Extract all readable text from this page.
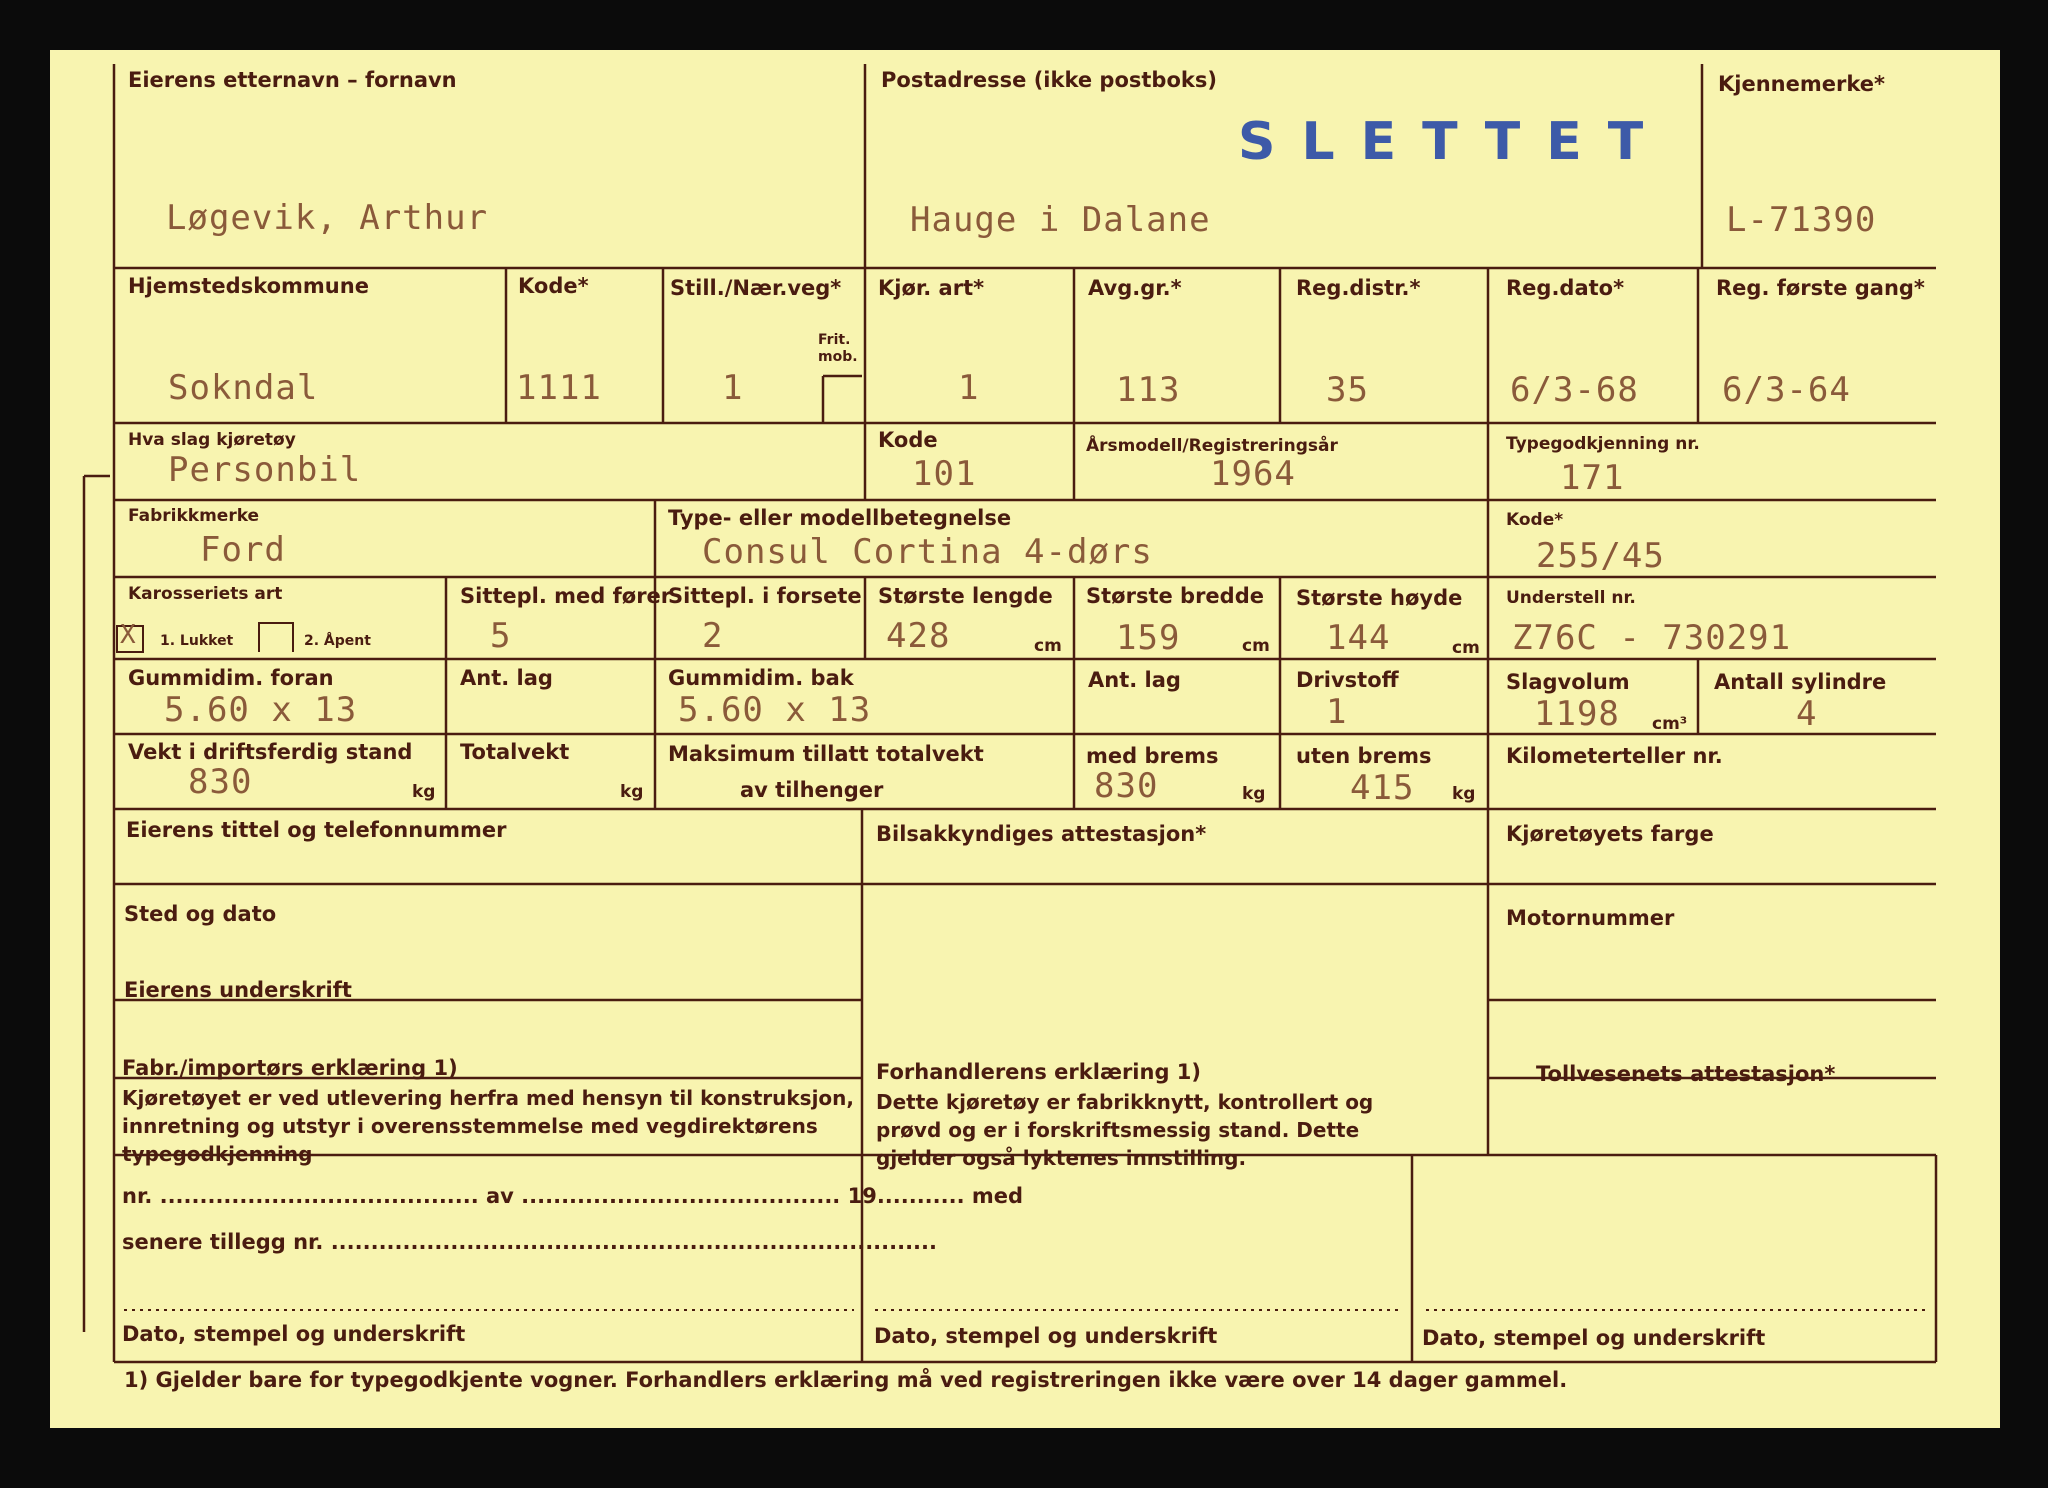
Eierens etternavn – fornavn
Løgevik, Arthur
Postadresse (ikke postboks)
Hauge i Dalane
SLETTET
Kjennemerke*
L-71390
Hjemstedskommune
Sokndal
Kode*
1111
Still./Nær.veg*
Frit.
mob.
1
Kjør. art*
1
Avg.gr.*
113
Reg.distr.*
35
Reg.dato*
6/3-68
Reg. første gang*
6/3-64
Hva slag kjøretøy
Personbil
Kode
101
Årsmodell/Registreringsår
1964
Typegodkjenning nr.
171
Fabrikkmerke
Ford
Type- eller modellbetegnelse
Consul Cortina 4-dørs
Kode*
255/45
Karosseriets art
X 1. Lukket	2. Åpent
Sittepl. med fører
5
Sittepl. i forsete
2
Største lengde
428	cm
Største bredde
159	cm
Største høyde
144	cm
Understell nr.
Z76C - 730291
Gummidim. foran
5.60 x 13
Ant. lag	Gummidim. bak
5.60 x 13
Ant. lag	Drivstoff
1
Slagvolum
1198 cm³
Antall sylindre
4
Vekt i driftsferdig stand
830	kg
Totalvekt
kg
Maksimum tillatt totalvekt
av tilhenger
med brems
830	kg
uten brems
415 kg
Kilometerteller nr.
Eierens tittel og telefonnummer
Sted og dato
Eierens underskrift
Bilsakkyndiges attestasjon*	Kjøretøyets farge
Motornummer
Fabr./importørs erklæring 1)
Kjøretøyet er ved utlevering herfra med hensyn til konstruksjon, innretning og utstyr i overensstemmelse med vegdirektørens typegodkjenning
nr. ........................................ av ........................................ 19........... med
senere tillegg nr. ............................................................................
Forhandlerens erklæring 1)
Dette kjøretøy er fabrikknytt, kontrollert og prøvd og er i forskriftsmessig stand. Dette gjelder også lyktenes innstilling.
Tollvesenets attestasjon*
Dato, stempel og underskrift	Dato, stempel og underskrift	Dato, stempel og underskrift
1) Gjelder bare for typegodkjente vogner. Forhandlers erklæring må ved registreringen ikke være over 14 dager gammel.
